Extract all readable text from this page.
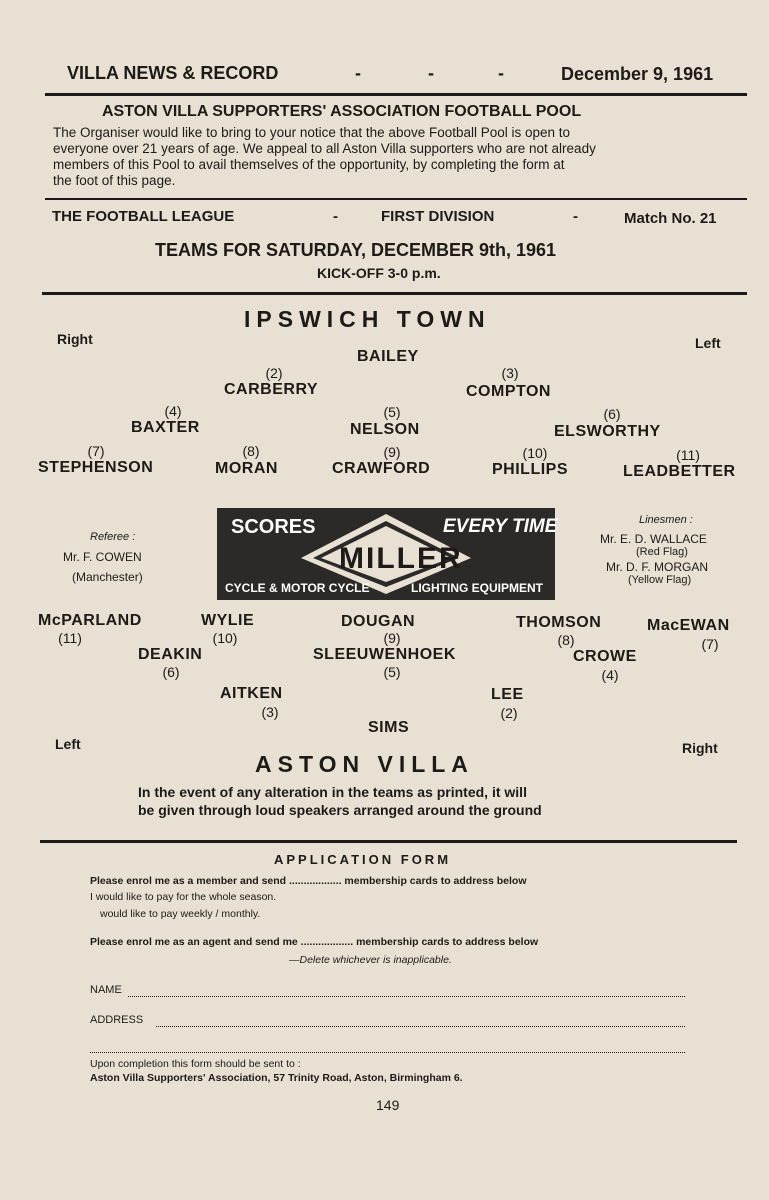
VILLA NEWS & RECORD	-	-	-	December 9, 1961
ASTON VILLA SUPPORTERS' ASSOCIATION FOOTBALL POOL
The Organiser would like to bring to your notice that the above Football Pool is open to
everyone over 21 years of age. We appeal to all Aston Villa supporters who are not already
members of this Pool to avail themselves of the opportunity, by completing the form at
the foot of this page.
THE FOOTBALL LEAGUE	-	FIRST DIVISION	-	Match No. 21
TEAMS FOR SATURDAY, DECEMBER 9th, 1961
KICK-OFF 3-0 p.m.
IPSWICH TOWN
Right	Left
BAILEY
(2)
CARBERRY
(3)
COMPTON
(4)
BAXTER
(5)
NELSON
(6)
ELSWORTHY
(7)
STEPHENSON
(8)
MORAN
(9)
CRAWFORD
(10)
PHILLIPS
(11)
LEADBETTER
Referee :
Mr. F. COWEN
(Manchester)
Linesmen :
Mr. E. D. WALLACE
(Red Flag)
Mr. D. F. MORGAN
(Yellow Flag)
SCORES	EVERY TIME
MILLER
CYCLE & MOTOR CYCLE	LIGHTING EQUIPMENT
McPARLAND
(11)
WYLIE
(10)
DOUGAN
(9)
THOMSON
(8)
MacEWAN
(7)
DEAKIN
(6)
SLEEUWENHOEK
(5)
CROWE
(4)
AITKEN
(3)
LEE
(2)
SIMS
Left	Right
ASTON VILLA
In the event of any alteration in the teams as printed, it will
be given through loud speakers arranged around the ground
APPLICATION FORM
Please enrol me as a member and send .................. membership cards to address below
I would like to pay for the whole season.
would like to pay weekly / monthly.
Please enrol me as an agent and send me .................. membership cards to address below
—Delete whichever is inapplicable.
NAME
ADDRESS
Upon completion this form should be sent to :
Aston Villa Supporters' Association, 57 Trinity Road, Aston, Birmingham 6.
149
